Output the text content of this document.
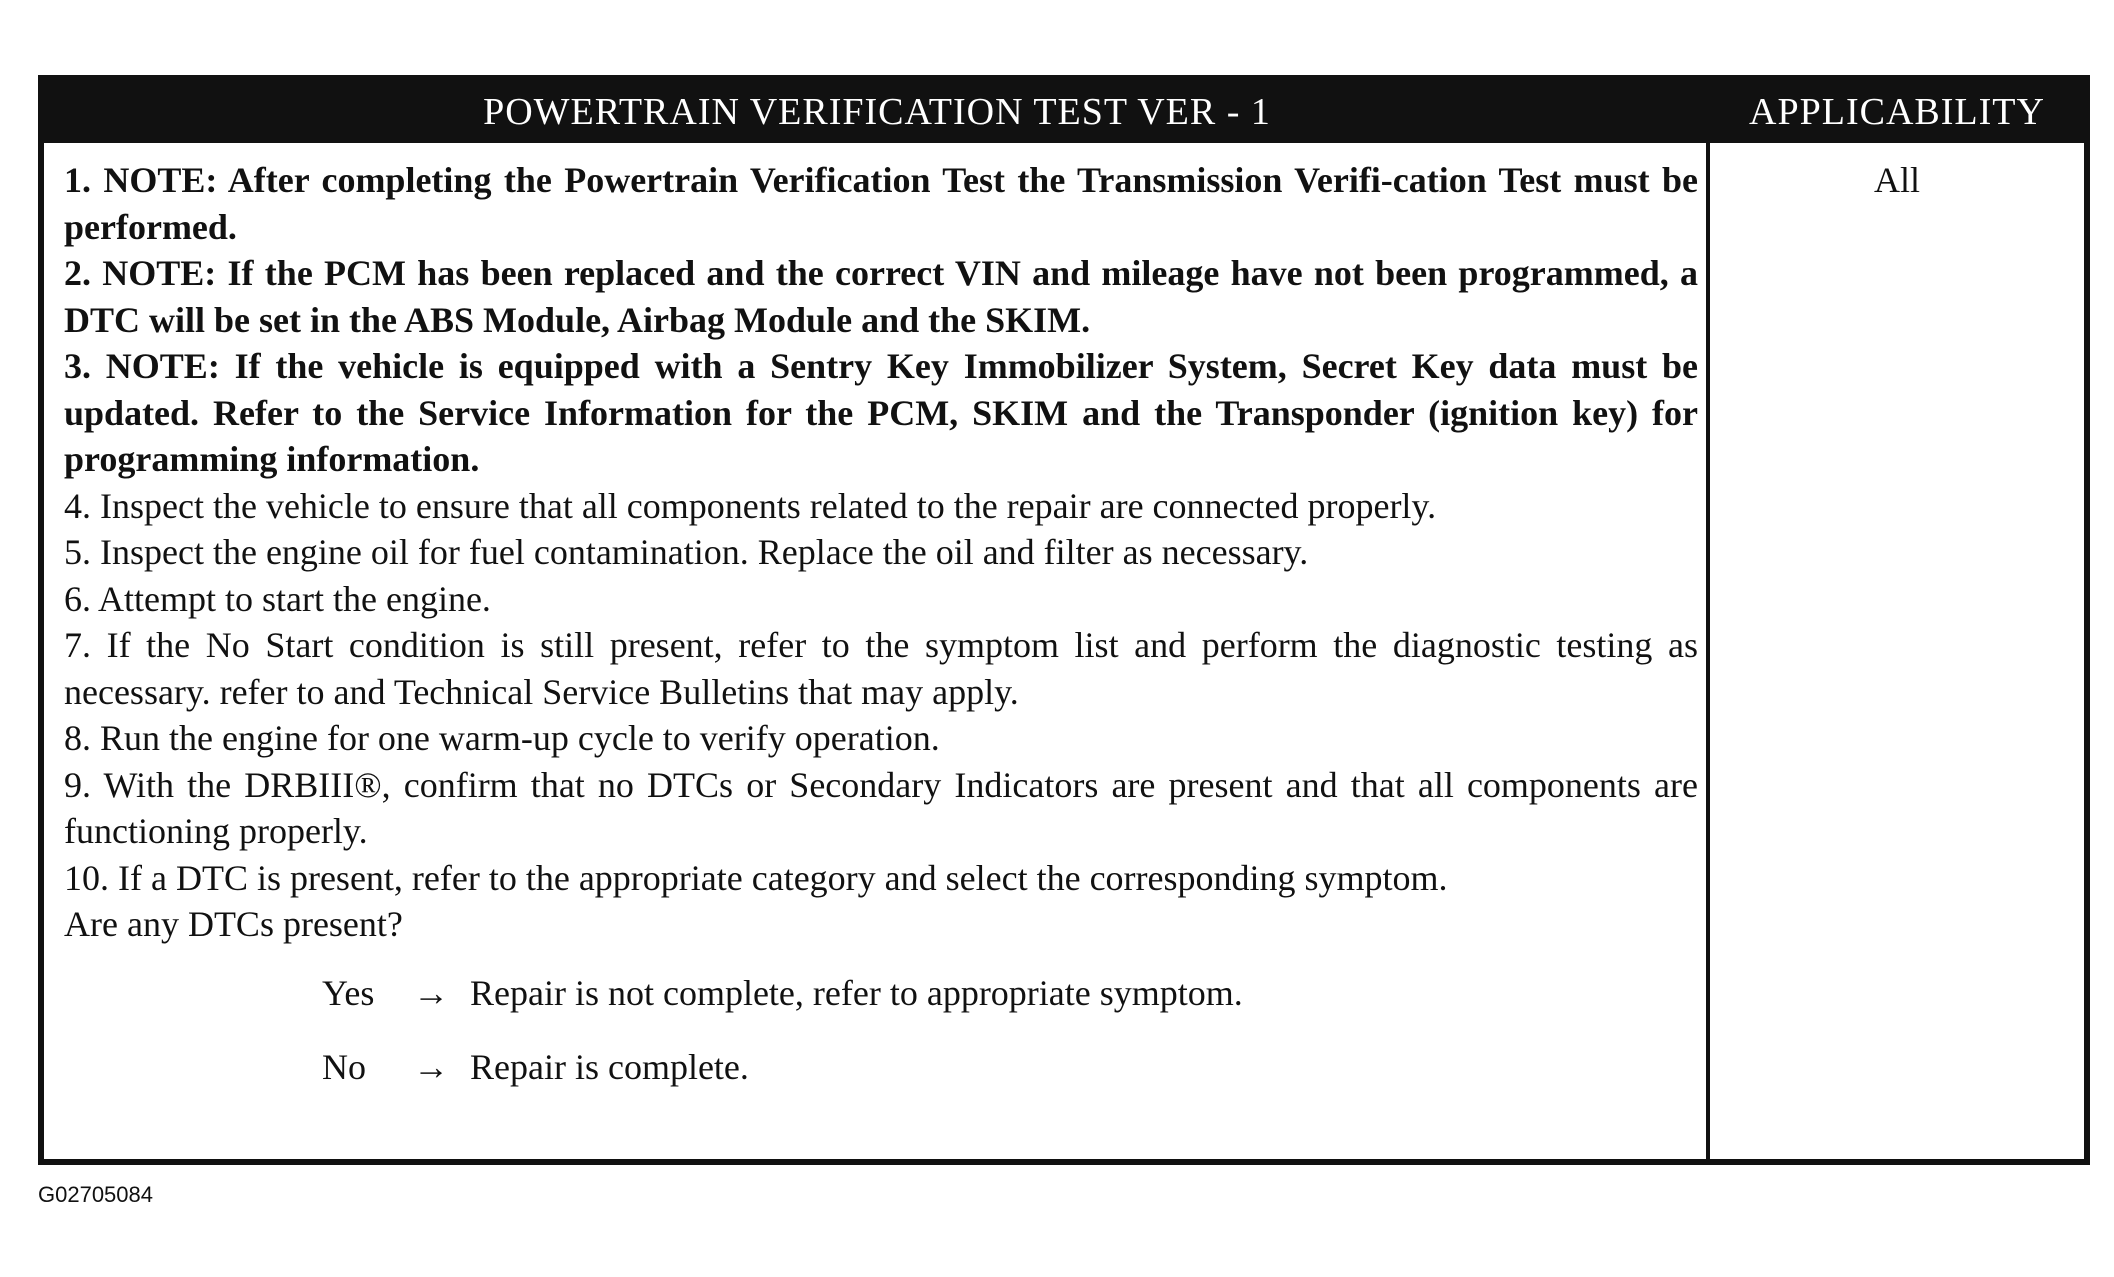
POWERTRAIN VERIFICATION TEST VER - 1	APPLICABILITY
1. NOTE: After completing the Powertrain Verification Test the Transmission Verifi-cation Test must be performed.
2. NOTE: If the PCM has been replaced and the correct VIN and mileage have not been programmed, a DTC will be set in the ABS Module, Airbag Module and the SKIM.
3. NOTE: If the vehicle is equipped with a Sentry Key Immobilizer System, Secret Key data must be updated. Refer to the Service Information for the PCM, SKIM and the Transponder (ignition key) for programming information.
4. Inspect the vehicle to ensure that all components related to the repair are connected properly.
5. Inspect the engine oil for fuel contamination. Replace the oil and filter as necessary.
6. Attempt to start the engine.
7. If the No Start condition is still present, refer to the symptom list and perform the diagnostic testing as necessary. refer to and Technical Service Bulletins that may apply.
8. Run the engine for one warm-up cycle to verify operation.
9. With the DRBIII®, confirm that no DTCs or Secondary Indicators are present and that all components are functioning properly.
10. If a DTC is present, refer to the appropriate category and select the corresponding symptom.
Are any DTCs present?
Yes	→ Repair is not complete, refer to appropriate symptom.
No	→ Repair is complete.
All
G02705084
